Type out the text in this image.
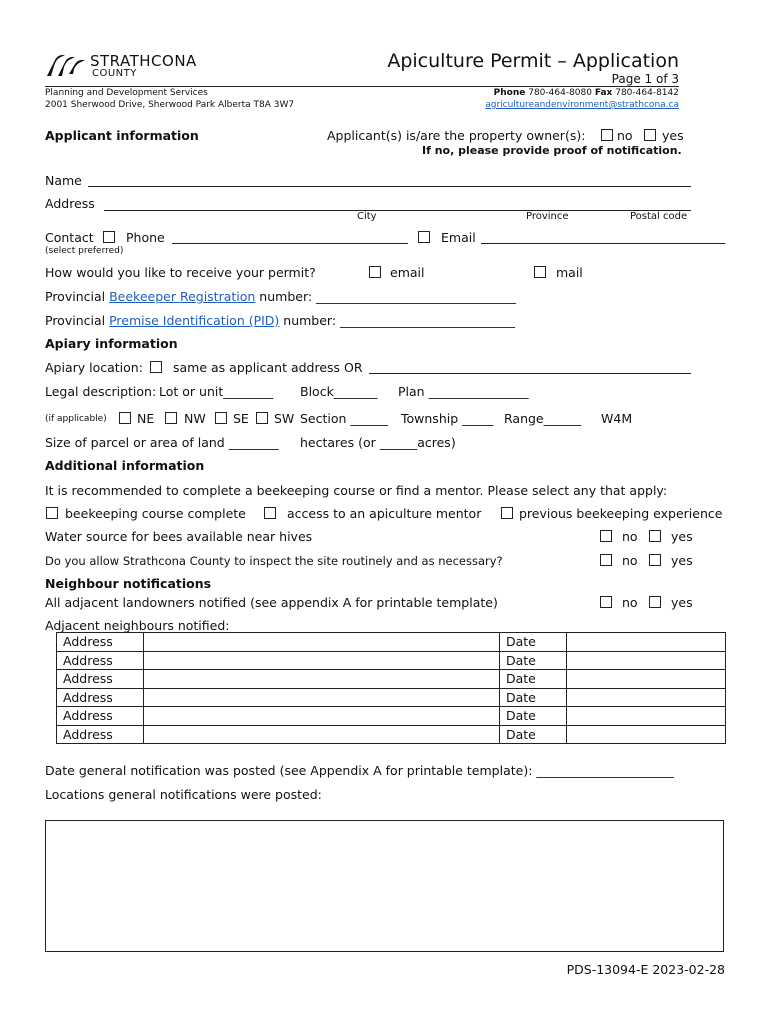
STRATHCONA
COUNTY
Apiculture Permit – Application
Page 1 of 3
Planning and Development Services
2001 Sherwood Drive, Sherwood Park Alberta T8A 3W7
Phone 780-464-8080 Fax 780-464-8142
agricultureandenvironment@strathcona.ca
Applicant information	Applicant(s) is/are the property owner(s):	no yes
If no, please provide proof of notification.
Name
Address
City	Province	Postal code
Contact	Phone	Email
(select preferred)
How would you like to receive your permit?	email	mail
Provincial Beekeeper Registration number: ________________________________
Provincial Premise Identification (PID) number: ____________________________
Apiary information
Apiary location: same as applicant address OR
Legal description: Lot or unit________ Block_______ Plan ________________
(if applicable) NE NW SE SW Section ______ Township _____ Range______ W4M
Size of parcel or area of land ________ hectares (or ______acres)
Additional information
It is recommended to complete a beekeeping course or find a mentor. Please select any that apply:
beekeeping course complete	access to an apiculture mentor	previous beekeeping experience
Water source for bees available near hives	no	yes
Do you allow Strathcona County to inspect the site routinely and as necessary?	no	yes
Neighbour notifications
All adjacent landowners notified (see appendix A for printable template)	no	yes
Adjacent neighbours notified:
Address		Date	
Address		Date	
Address		Date	
Address		Date	
Address		Date	
Address		Date	
Date general notification was posted (see Appendix A for printable template): ______________________
Locations general notifications were posted:
PDS-13094-E 2023-02-28
